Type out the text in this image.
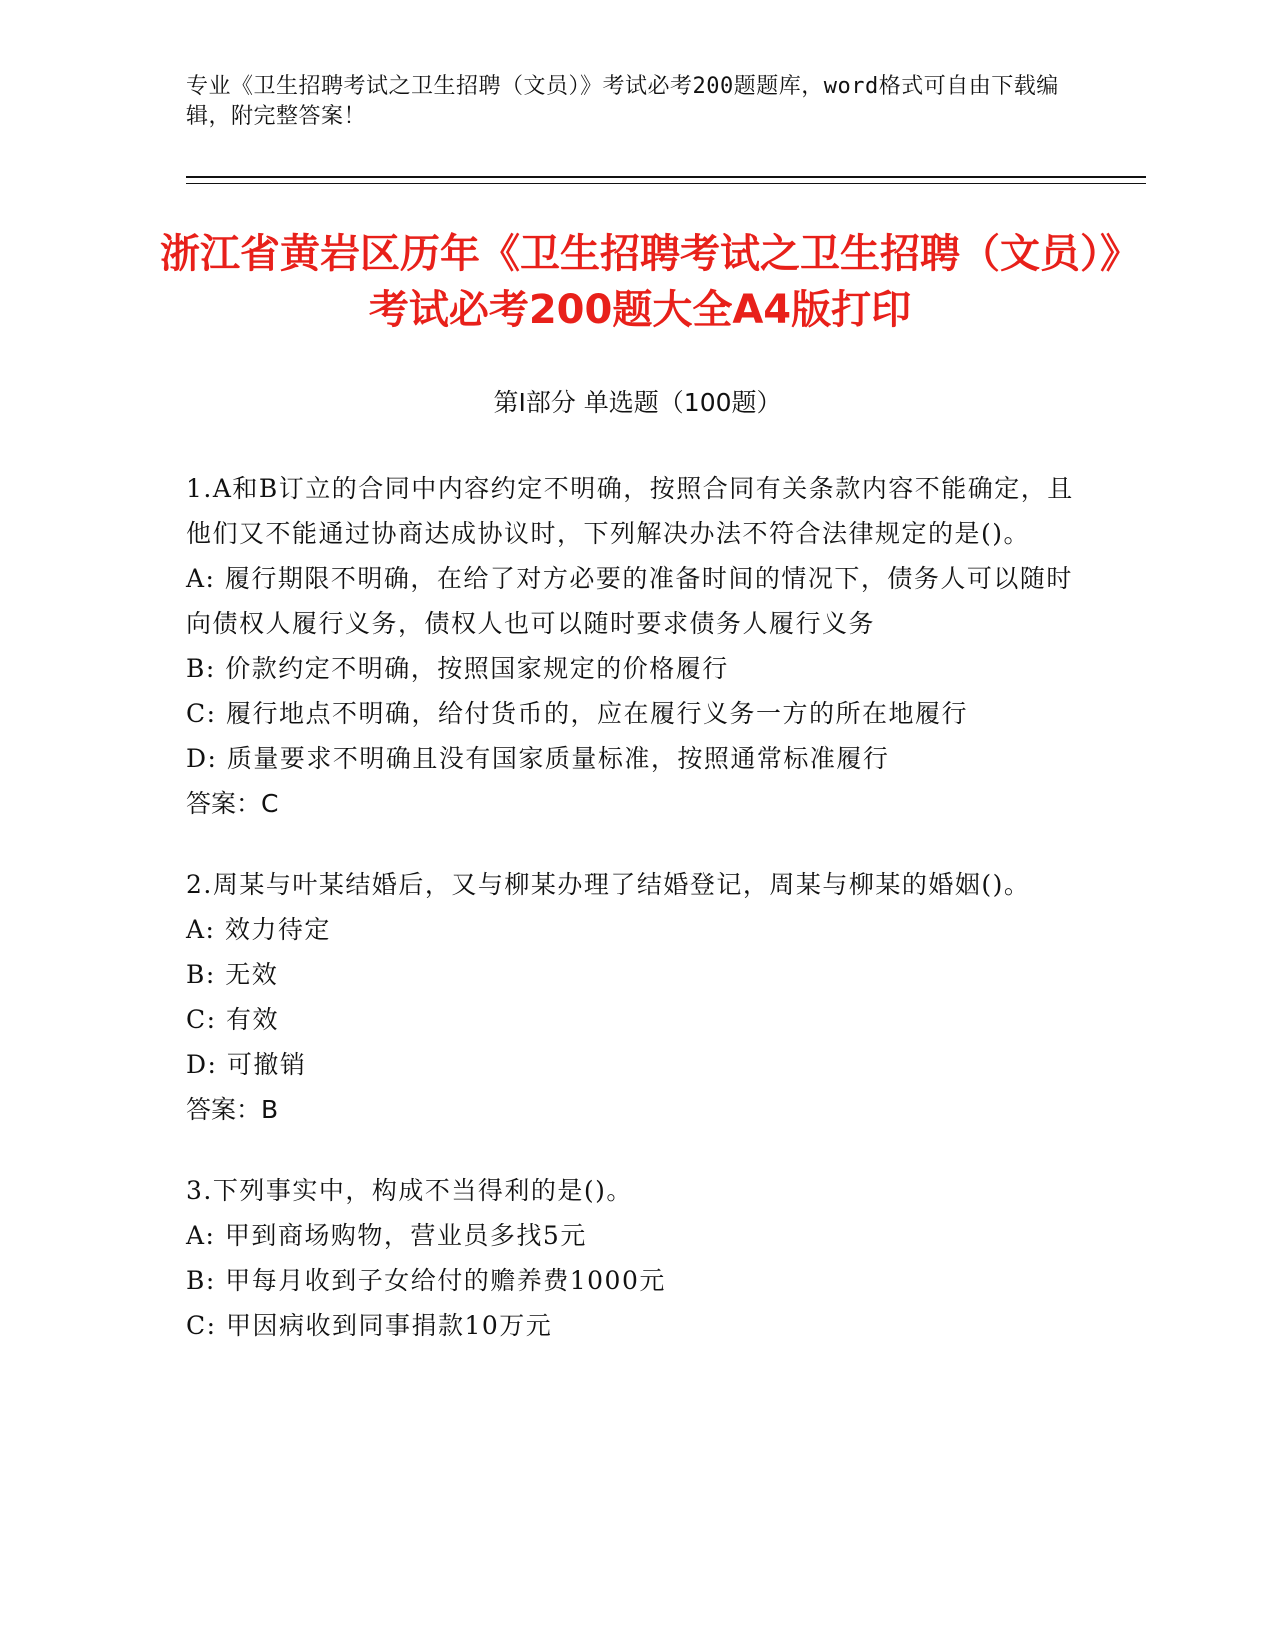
专业《卫生招聘考试之卫生招聘（文员）》考试必考200题题库，word格式可自由下载编辑，附完整答案！
浙江省黄岩区历年《卫生招聘考试之卫生招聘（文员）》考试必考200题大全A4版打印
第Ⅰ部分 单选题（100题）
1.A和B订立的合同中内容约定不明确，按照合同有关条款内容不能确定，且他们又不能通过协商达成协议时，下列解决办法不符合法律规定的是()。
A: 履行期限不明确，在给了对方必要的准备时间的情况下，债务人可以随时向债权人履行义务，债权人也可以随时要求债务人履行义务
B: 价款约定不明确，按照国家规定的价格履行
C: 履行地点不明确，给付货币的，应在履行义务一方的所在地履行
D: 质量要求不明确且没有国家质量标准，按照通常标准履行
答案：C
2.周某与叶某结婚后，又与柳某办理了结婚登记，周某与柳某的婚姻()。
A: 效力待定
B: 无效
C: 有效
D: 可撤销
答案：B
3.下列事实中，构成不当得利的是()。
A: 甲到商场购物，营业员多找5元
B: 甲每月收到子女给付的赡养费1000元
C: 甲因病收到同事捐款10万元
